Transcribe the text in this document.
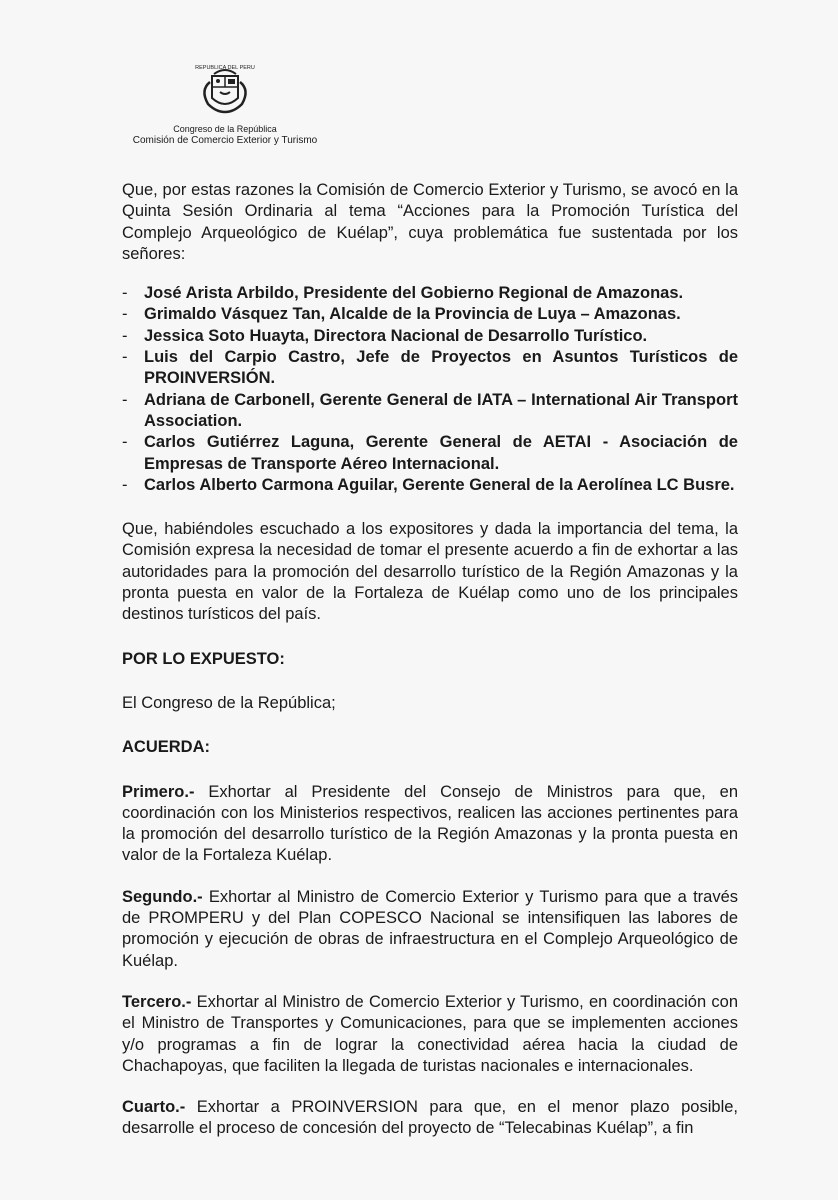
REPUBLICA DEL PERU
Congreso de la República
Comisión de Comercio Exterior y Turismo

Que, por estas razones la Comisión de Comercio Exterior y Turismo, se avocó en la Quinta Sesión Ordinaria al tema “Acciones para la Promoción Turística del Complejo Arqueológico de Kuélap”, cuya problemática fue sustentada por los señores:

- José Arista Arbildo, Presidente del Gobierno Regional de Amazonas.
- Grimaldo Vásquez Tan, Alcalde de la Provincia de Luya – Amazonas.
- Jessica Soto Huayta, Directora Nacional de Desarrollo Turístico.
- Luis del Carpio Castro, Jefe de Proyectos en Asuntos Turísticos de PROINVERSIÓN.
- Adriana de Carbonell, Gerente General de IATA – International Air Transport Association.
- Carlos Gutiérrez Laguna, Gerente General de AETAI - Asociación de Empresas de Transporte Aéreo Internacional.
- Carlos Alberto Carmona Aguilar, Gerente General de la Aerolínea LC Busre.

Que, habiéndoles escuchado a los expositores y dada la importancia del tema, la Comisión expresa la necesidad de tomar el presente acuerdo a fin de exhortar a las autoridades para la promoción del desarrollo turístico de la Región Amazonas y la pronta puesta en valor de la Fortaleza de Kuélap como uno de los principales destinos turísticos del país.

POR LO EXPUESTO:

El Congreso de la República;

ACUERDA:

Primero.- Exhortar al Presidente del Consejo de Ministros para que, en coordinación con los Ministerios respectivos, realicen las acciones pertinentes para la promoción del desarrollo turístico de la Región Amazonas y la pronta puesta en valor de la Fortaleza Kuélap.

Segundo.- Exhortar al Ministro de Comercio Exterior y Turismo para que a través de PROMPERU y del Plan COPESCO Nacional se intensifiquen las labores de promoción y ejecución de obras de infraestructura en el Complejo Arqueológico de Kuélap.

Tercero.- Exhortar al Ministro de Comercio Exterior y Turismo, en coordinación con el Ministro de Transportes y Comunicaciones, para que se implementen acciones y/o programas a fin de lograr la conectividad aérea hacia la ciudad de Chachapoyas, que faciliten la llegada de turistas nacionales e internacionales.

Cuarto.- Exhortar a PROINVERSION para que, en el menor plazo posible, desarrolle el proceso de concesión del proyecto de “Telecabinas Kuélap”, a fin
